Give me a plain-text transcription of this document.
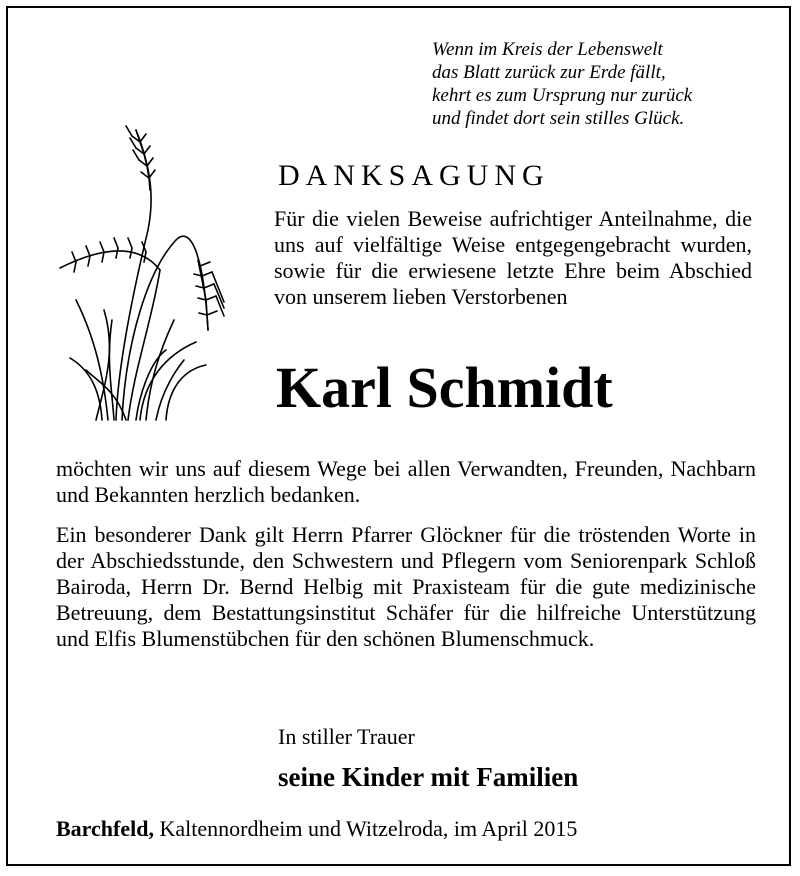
Wenn im Kreis der Lebenswelt
das Blatt zurück zur Erde fällt,
kehrt es zum Ursprung nur zurück
und findet dort sein stilles Glück.
DANKSAGUNG
Für die vielen Beweise aufrichtiger Anteilnahme, die uns auf vielfältige Weise entgegengebracht wurden, sowie für die erwiesene letzte Ehre beim Abschied von unserem lieben Verstorbenen
Karl Schmidt
möchten wir uns auf diesem Wege bei allen Verwandten, Freunden, Nachbarn und Bekannten herzlich bedanken.
Ein besonderer Dank gilt Herrn Pfarrer Glöckner für die tröstenden Worte in der Abschiedsstunde, den Schwestern und Pflegern vom Seniorenpark Schloß Bairoda, Herrn Dr. Bernd Helbig mit Praxisteam für die gute medizinische Betreuung, dem Bestattungsinstitut Schäfer für die hilfreiche Unterstützung und Elfis Blumenstübchen für den schönen Blumenschmuck.
In stiller Trauer
seine Kinder mit Familien
Barchfeld, Kaltennordheim und Witzelroda, im April 2015
